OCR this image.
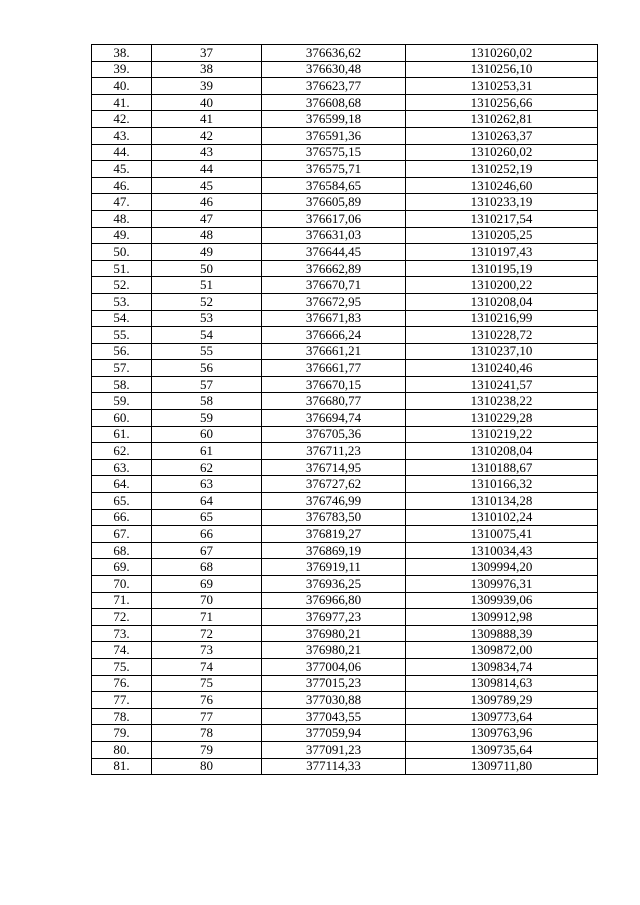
38.	37	376636,62	1310260,02
39.	38	376630,48	1310256,10
40.	39	376623,77	1310253,31
41.	40	376608,68	1310256,66
42.	41	376599,18	1310262,81
43.	42	376591,36	1310263,37
44.	43	376575,15	1310260,02
45.	44	376575,71	1310252,19
46.	45	376584,65	1310246,60
47.	46	376605,89	1310233,19
48.	47	376617,06	1310217,54
49.	48	376631,03	1310205,25
50.	49	376644,45	1310197,43
51.	50	376662,89	1310195,19
52.	51	376670,71	1310200,22
53.	52	376672,95	1310208,04
54.	53	376671,83	1310216,99
55.	54	376666,24	1310228,72
56.	55	376661,21	1310237,10
57.	56	376661,77	1310240,46
58.	57	376670,15	1310241,57
59.	58	376680,77	1310238,22
60.	59	376694,74	1310229,28
61.	60	376705,36	1310219,22
62.	61	376711,23	1310208,04
63.	62	376714,95	1310188,67
64.	63	376727,62	1310166,32
65.	64	376746,99	1310134,28
66.	65	376783,50	1310102,24
67.	66	376819,27	1310075,41
68.	67	376869,19	1310034,43
69.	68	376919,11	1309994,20
70.	69	376936,25	1309976,31
71.	70	376966,80	1309939,06
72.	71	376977,23	1309912,98
73.	72	376980,21	1309888,39
74.	73	376980,21	1309872,00
75.	74	377004,06	1309834,74
76.	75	377015,23	1309814,63
77.	76	377030,88	1309789,29
78.	77	377043,55	1309773,64
79.	78	377059,94	1309763,96
80.	79	377091,23	1309735,64
81.	80	377114,33	1309711,80
